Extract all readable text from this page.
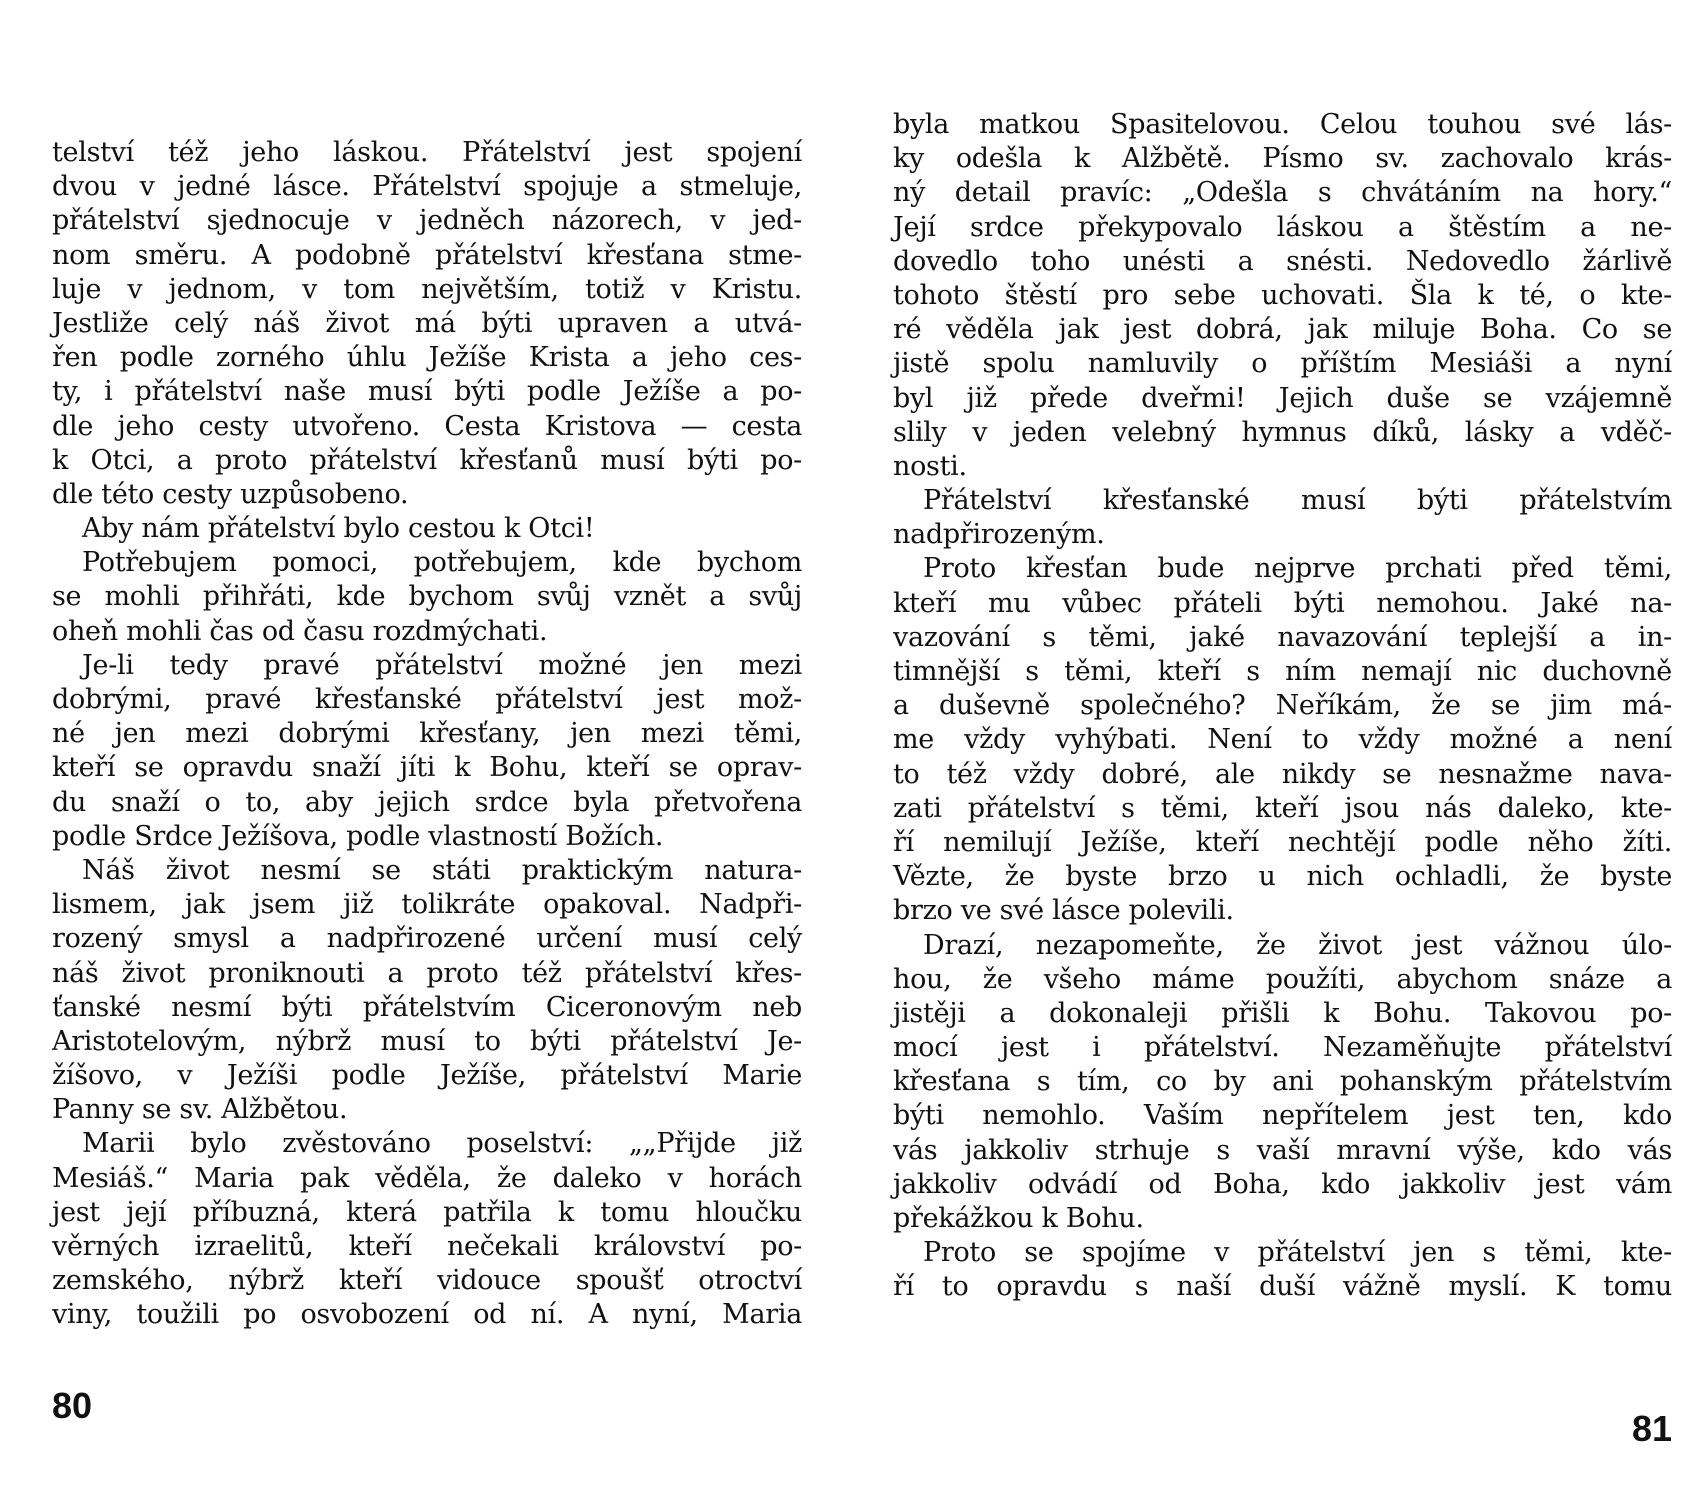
telství též jeho láskou. Přátelství jest spojení
dvou v jedné lásce. Přátelství spojuje a stmeluje,
přátelství sjednocuje v jedněch názorech, v jed-
nom směru. A podobně přátelství křesťana stme-
luje v jednom, v tom největším, totiž v Kristu.
Jestliže celý náš život má býti upraven a utvá-
řen podle zorného úhlu Ježíše Krista a jeho ces-
ty, i přátelství naše musí býti podle Ježíše a po-
dle jeho cesty utvořeno. Cesta Kristova — cesta
k Otci, a proto přátelství křesťanů musí býti po-
dle této cesty uzpůsobeno.
Aby nám přátelství bylo cestou k Otci!
Potřebujem pomoci, potřebujem, kde bychom
se mohli přihřáti, kde bychom svůj vznět a svůj
oheň mohli čas od času rozdmýchati.
Je-li tedy pravé přátelství možné jen mezi
dobrými, pravé křesťanské přátelství jest mož-
né jen mezi dobrými křesťany, jen mezi těmi,
kteří se opravdu snaží jíti k Bohu, kteří se oprav-
du snaží o to, aby jejich srdce byla přetvořena
podle Srdce Ježíšova, podle vlastností Božích.
Náš život nesmí se státi praktickým naturа-
lismem, jak jsem již tolikráte opakoval. Nadpři-
rozený smysl a nadpřirozené určení musí celý
náš život proniknouti a proto též přátelství křes-
ťanské nesmí býti přátelstvím Ciceronovým neb
Aristotelovým, nýbrž musí to býti přátelství Je-
žíšovo, v Ježíši podle Ježíše, přátelství Marie
Panny se sv. Alžbětou.
Marii bylo zvěstováno poselství: „„Přijde již
Mesiáš.“ Maria pak věděla, že daleko v horách
jest její příbuzná, která patřila k tomu hloučku
věrných izraelitů, kteří nečekali království po-
zemského, nýbrž kteří vidouce spoušť otroctví
viny, toužili po osvobození od ní. A nyní, Maria
byla matkou Spasitelovou. Celou touhou své lás-
ky odešla k Alžbětě. Písmo sv. zachovalo krás-
ný detail pravíc: „Odešla s chvátáním na hory.“
Její srdce překypovalo láskou a štěstím a ne-
dovedlo toho unésti a snésti. Nedovedlo žárlivě
tohoto štěstí pro sebe uchovati. Šla k té, o kte-
ré věděla jak jest dobrá, jak miluje Boha. Co se
jistě spolu namluvily o příštím Mesiáši a nyní
byl již přede dveřmi! Jejich duše se vzájemně
slily v jeden velebný hymnus díků, lásky a vděč-
nosti.
Přátelství křesťanské musí býti přátelstvím
nadpřirozeným.
Proto křesťan bude nejprve prchati před těmi,
kteří mu vůbec přáteli býti nemohou. Jaké na-
vazování s těmi, jaké navazování teplejší a in-
timnější s těmi, kteří s ním nemají nic duchovně
a duševně společného? Neříkám, že se jim má-
me vždy vyhýbati. Není to vždy možné a není
to též vždy dobré, ale nikdy se nesnažme nava-
zati přátelství s těmi, kteří jsou nás daleko, kte-
ří nemilují Ježíše, kteří nechtějí podle něho žíti.
Vězte, že byste brzo u nich ochladli, že byste
brzo ve své lásce polevili.
Drazí, nezapomeňte, že život jest vážnou úlo-
hou, že všeho máme použíti, abychom snáze a
jistěji a dokonaleji přišli k Bohu. Takovou po-
mocí jest i přátelství. Nezaměňujte přátelství
křesťana s tím, co by ani pohanským přátelstvím
býti nemohlo. Vaším nepřítelem jest ten, kdo
vás jakkoliv strhuje s vaší mravní výše, kdo vás
jakkoliv odvádí od Boha, kdo jakkoliv jest vám
překážkou k Bohu.
Proto se spojíme v přátelství jen s těmi, kte-
ří to opravdu s naší duší vážně myslí. K tomu
80
81
